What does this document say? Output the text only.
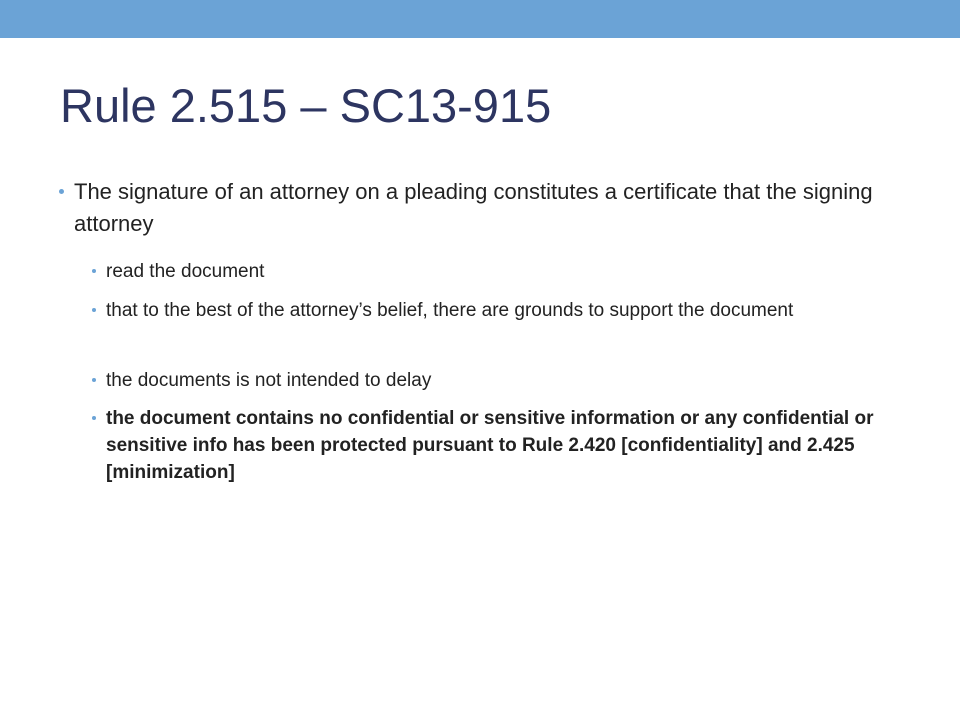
Rule 2.515 – SC13-915
The signature of an attorney on a pleading constitutes a certificate that the signing attorney
read the document
that to the best of the attorney’s belief, there are grounds to support the document
the documents is not intended to delay
the document contains no confidential or sensitive information or any confidential or sensitive info has been protected pursuant to Rule 2.420 [confidentiality] and 2.425 [minimization]
